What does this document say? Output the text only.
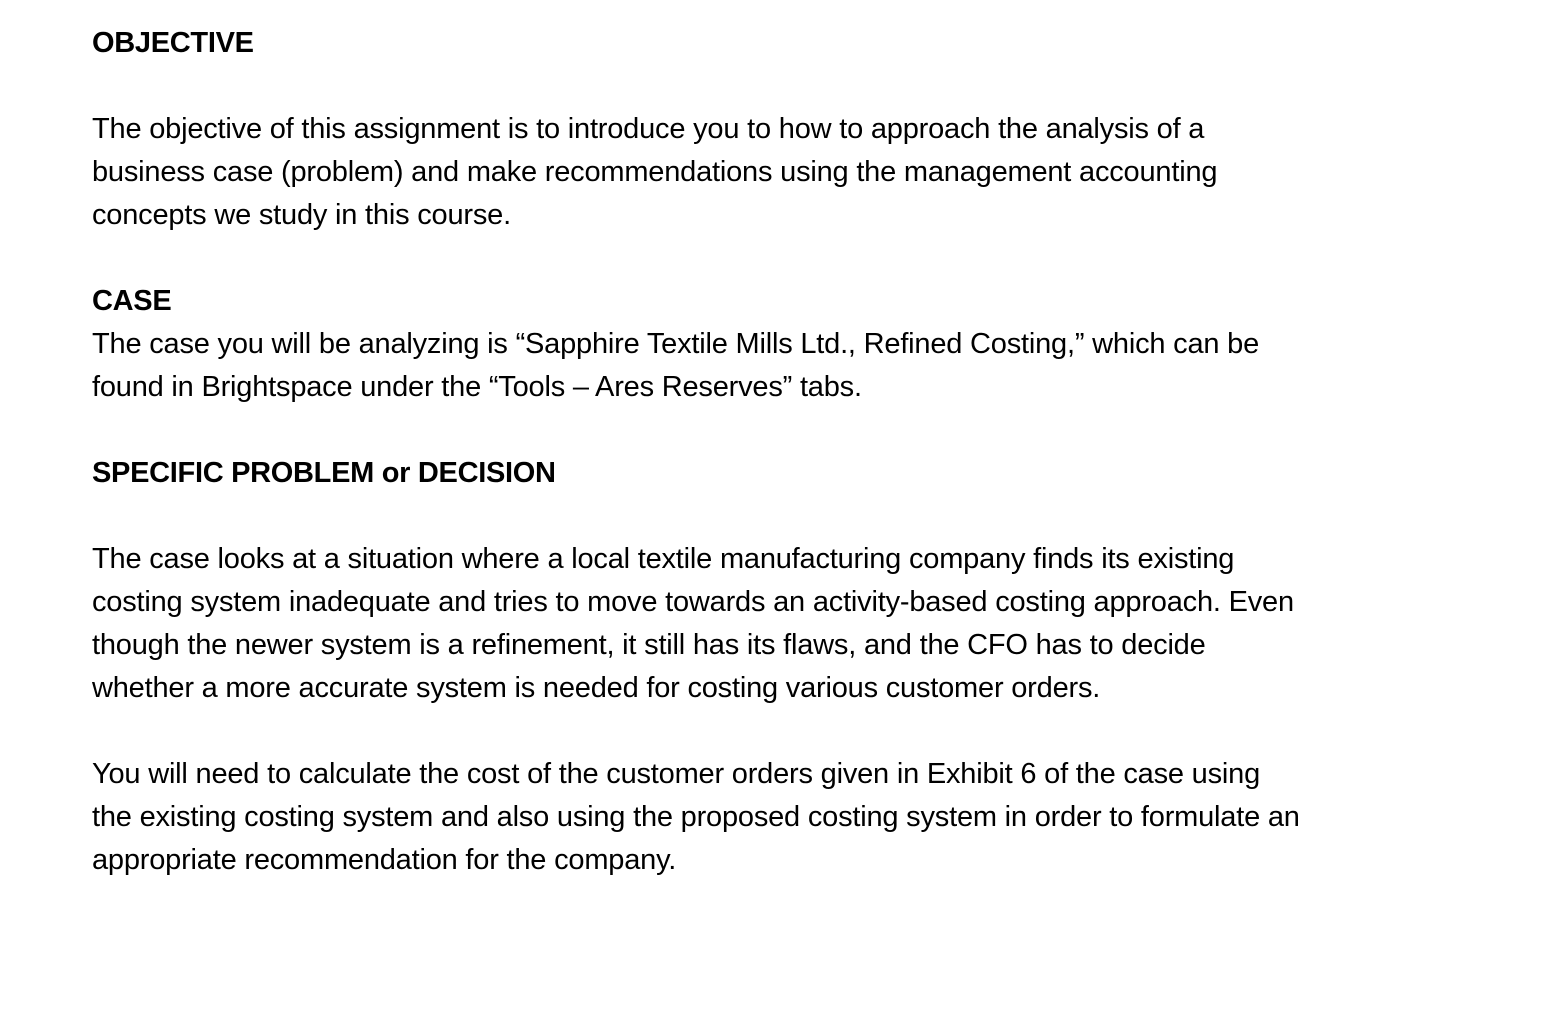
OBJECTIVE

The objective of this assignment is to introduce you to how to approach the analysis of a
business case (problem) and make recommendations using the management accounting
concepts we study in this course.

CASE

The case you will be analyzing is “Sapphire Textile Mills Ltd., Refined Costing,” which can be
found in Brightspace under the “Tools – Ares Reserves” tabs.

SPECIFIC PROBLEM or DECISION

The case looks at a situation where a local textile manufacturing company finds its existing
costing system inadequate and tries to move towards an activity-based costing approach. Even
though the newer system is a refinement, it still has its flaws, and the CFO has to decide
whether a more accurate system is needed for costing various customer orders.

You will need to calculate the cost of the customer orders given in Exhibit 6 of the case using
the existing costing system and also using the proposed costing system in order to formulate an
appropriate recommendation for the company.
